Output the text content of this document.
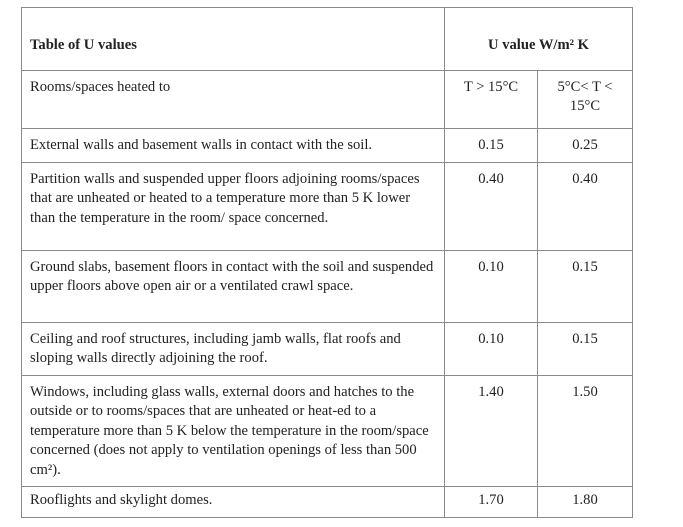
Table of U values	U value W/m² K	
Rooms/spaces heated to	T > 15°C	5°C< T < 15°C
External walls and basement walls in contact with the soil.	0.15	0.25
Partition walls and suspended upper floors adjoining rooms/spaces that are unheated or heated to a temperature more than 5 K lower than the temperature in the room/ space concerned.	0.40	0.40
Ground slabs, basement floors in contact with the soil and suspended upper floors above open air or a ventilated crawl space.	0.10	0.15
Ceiling and roof structures, including jamb walls, flat roofs and sloping walls directly adjoining the roof.	0.10	0.15
Windows, including glass walls, external doors and hatches to the outside or to rooms/spaces that are unheated or heat-ed to a temperature more than 5 K below the temperature in the room/space concerned (does not apply to ventilation openings of less than 500 cm²).	1.40	1.50
Rooflights and skylight domes.	1.70	1.80
